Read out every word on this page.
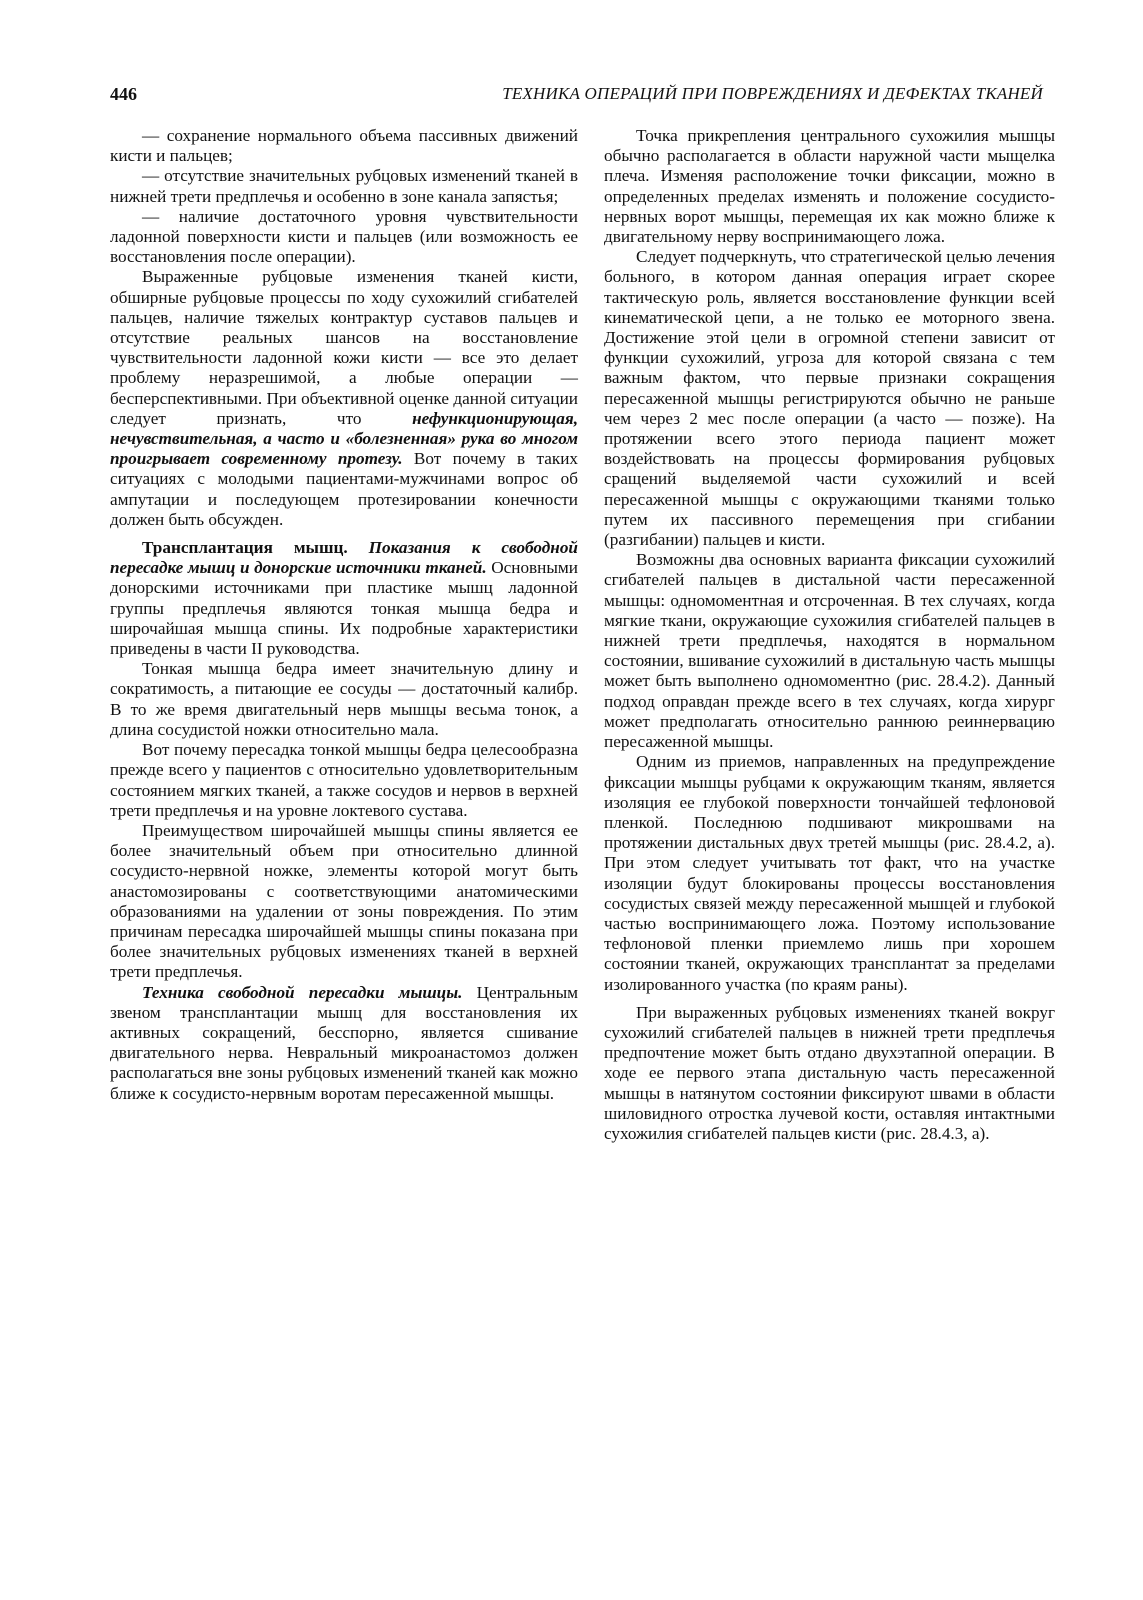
446	ТЕХНИКА ОПЕРАЦИЙ ПРИ ПОВРЕЖДЕНИЯХ И ДЕФЕКТАХ ТКАНЕЙ

— сохранение нормального объема пассивных движений кисти и пальцев;

— отсутствие значительных рубцовых изменений тканей в нижней трети предплечья и особенно в зоне канала запястья;

— наличие достаточного уровня чувствительности ладонной поверхности кисти и пальцев (или возможность ее восстановления после операции).

Выраженные рубцовые изменения тканей кисти, обширные рубцовые процессы по ходу сухожилий сгибателей пальцев, наличие тяжелых контрактур суставов пальцев и отсутствие реальных шансов на восстановление чувствительности ладонной кожи кисти — все это делает проблему неразрешимой, а любые операции — бесперспективными. При объективной оценке данной ситуации следует признать, что нефункционирующая, нечувствительная, а часто и «болезненная» рука во многом проигрывает современному протезу. Вот почему в таких ситуациях с молодыми пациентами-мужчинами вопрос об ампутации и последующем протезировании конечности должен быть обсужден.

Трансплантация мышц. Показания к свободной пересадке мышц и донорские источники тканей. Основными донорскими источниками при пластике мышц ладонной группы предплечья являются тонкая мышца бедра и широчайшая мышца спины. Их подробные характеристики приведены в части II руководства.

Тонкая мышца бедра имеет значительную длину и сократимость, а питающие ее сосуды — достаточный калибр. В то же время двигательный нерв мышцы весьма тонок, а длина сосудистой ножки относительно мала.

Вот почему пересадка тонкой мышцы бедра целесообразна прежде всего у пациентов с относительно удовлетворительным состоянием мягких тканей, а также сосудов и нервов в верхней трети предплечья и на уровне локтевого сустава.

Преимуществом широчайшей мышцы спины является ее более значительный объем при относительно длинной сосудисто-нервной ножке, элементы которой могут быть анастомозированы с соответствующими анатомическими образованиями на удалении от зоны повреждения. По этим причинам пересадка широчайшей мышцы спины показана при более значительных рубцовых изменениях тканей в верхней трети предплечья.

Техника свободной пересадки мышцы. Центральным звеном трансплантации мышц для восстановления их активных сокращений, бесспорно, является сшивание двигательного нерва. Невральный микроанастомоз должен располагаться вне зоны рубцовых изменений тканей как можно ближе к сосудисто-нервным воротам пересаженной мышцы.

Точка прикрепления центрального сухожилия мышцы обычно располагается в области наружной части мыщелка плеча. Изменяя расположение точки фиксации, можно в определенных пределах изменять и положение сосудисто-нервных ворот мышцы, перемещая их как можно ближе к двигательному нерву воспринимающего ложа.

Следует подчеркнуть, что стратегической целью лечения больного, в котором данная операция играет скорее тактическую роль, является восстановление функции всей кинематической цепи, а не только ее моторного звена. Достижение этой цели в огромной степени зависит от функции сухожилий, угроза для которой связана с тем важным фактом, что первые признаки сокращения пересаженной мышцы регистрируются обычно не раньше чем через 2 мес после операции (а часто — позже). На протяжении всего этого периода пациент может воздействовать на процессы формирования рубцовых сращений выделяемой части сухожилий и всей пересаженной мышцы с окружающими тканями только путем их пассивного перемещения при сгибании (разгибании) пальцев и кисти.

Возможны два основных варианта фиксации сухожилий сгибателей пальцев в дистальной части пересаженной мышцы: одномоментная и отсроченная. В тех случаях, когда мягкие ткани, окружающие сухожилия сгибателей пальцев в нижней трети предплечья, находятся в нормальном состоянии, вшивание сухожилий в дистальную часть мышцы может быть выполнено одномоментно (рис. 28.4.2). Данный подход оправдан прежде всего в тех случаях, когда хирург может предполагать относительно раннюю реиннервацию пересаженной мышцы.

Одним из приемов, направленных на предупреждение фиксации мышцы рубцами к окружающим тканям, является изоляция ее глубокой поверхности тончайшей тефлоновой пленкой. Последнюю подшивают микрошвами на протяжении дистальных двух третей мышцы (рис. 28.4.2, а). При этом следует учитывать тот факт, что на участке изоляции будут блокированы процессы восстановления сосудистых связей между пересаженной мышцей и глубокой частью воспринимающего ложа. Поэтому использование тефлоновой пленки приемлемо лишь при хорошем состоянии тканей, окружающих трансплантат за пределами изолированного участка (по краям раны).

При выраженных рубцовых изменениях тканей вокруг сухожилий сгибателей пальцев в нижней трети предплечья предпочтение может быть отдано двухэтапной операции. В ходе ее первого этапа дистальную часть пересаженной мышцы в натянутом состоянии фиксируют швами в области шиловидного отростка лучевой кости, оставляя интактными сухожилия сгибателей пальцев кисти (рис. 28.4.3, а).
